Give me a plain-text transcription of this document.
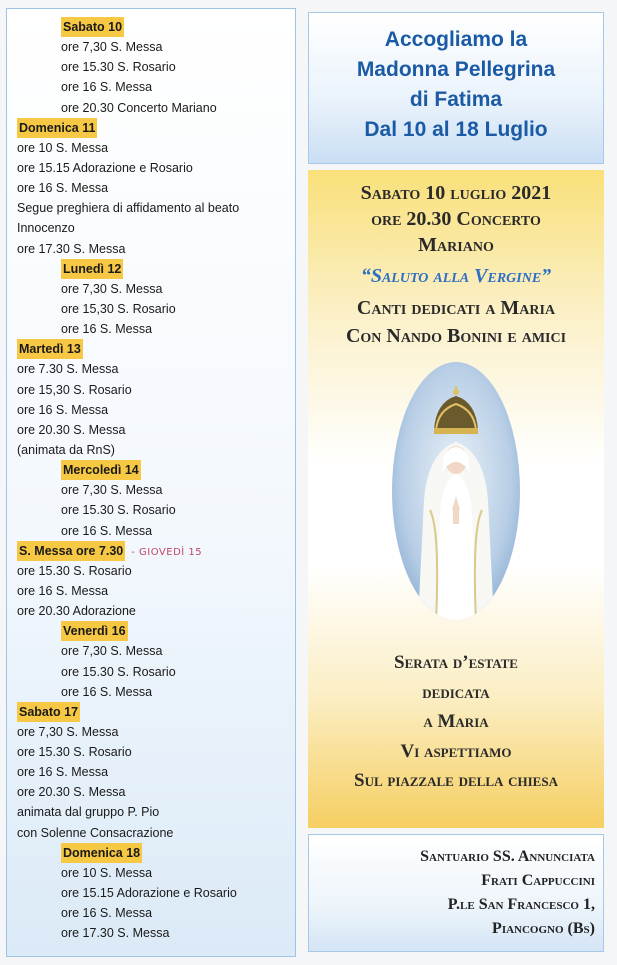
Sabato 10
ore 7,30 S. Messa
ore 15.30 S. Rosario
ore 16 S. Messa
ore 20.30 Concerto Mariano
Domenica 11
ore 10 S. Messa
ore 15.15 Adorazione e Rosario
ore 16 S. Messa
Segue preghiera di affidamento al beato
Innocenzo
ore 17.30 S. Messa
Lunedì 12
ore 7,30 S. Messa
ore 15,30 S. Rosario
ore 16 S. Messa
Martedì 13
ore 7.30 S. Messa
ore 15,30 S. Rosario
ore 16 S. Messa
ore 20.30 S. Messa
(animata da RnS)
Mercoledì 14
ore 7,30 S. Messa
ore 15.30 S. Rosario
ore 16 S. Messa
S. Messa ore 7.30 - GIOVEDÌ 15
ore 15.30 S. Rosario
ore 16 S. Messa
ore 20.30 Adorazione
Venerdì 16
ore 7,30 S. Messa
ore 15.30 S. Rosario
ore 16 S. Messa
Sabato 17
ore 7,30 S. Messa
ore 15.30 S. Rosario
ore 16 S. Messa
ore 20.30 S. Messa
animata dal gruppo P. Pio
con Solenne Consacrazione
Domenica 18
ore 10 S. Messa
ore 15.15 Adorazione e Rosario
ore 16 S. Messa
ore 17.30 S. Messa
Accogliamo la
Madonna Pellegrina
di Fatima
Dal 10 al 18 Luglio
Sabato 10 luglio 2021
ore 20.30 Concerto
Mariano
“Saluto alla Vergine”
Canti dedicati a Maria
Con Nando Bonini e amici
Serata d’estate
dedicata
a Maria
Vi aspettiamo
Sul piazzale della chiesa
Santuario SS. Annunciata
Frati Cappuccini
P.le San Francesco 1,
Piancogno (Bs)
